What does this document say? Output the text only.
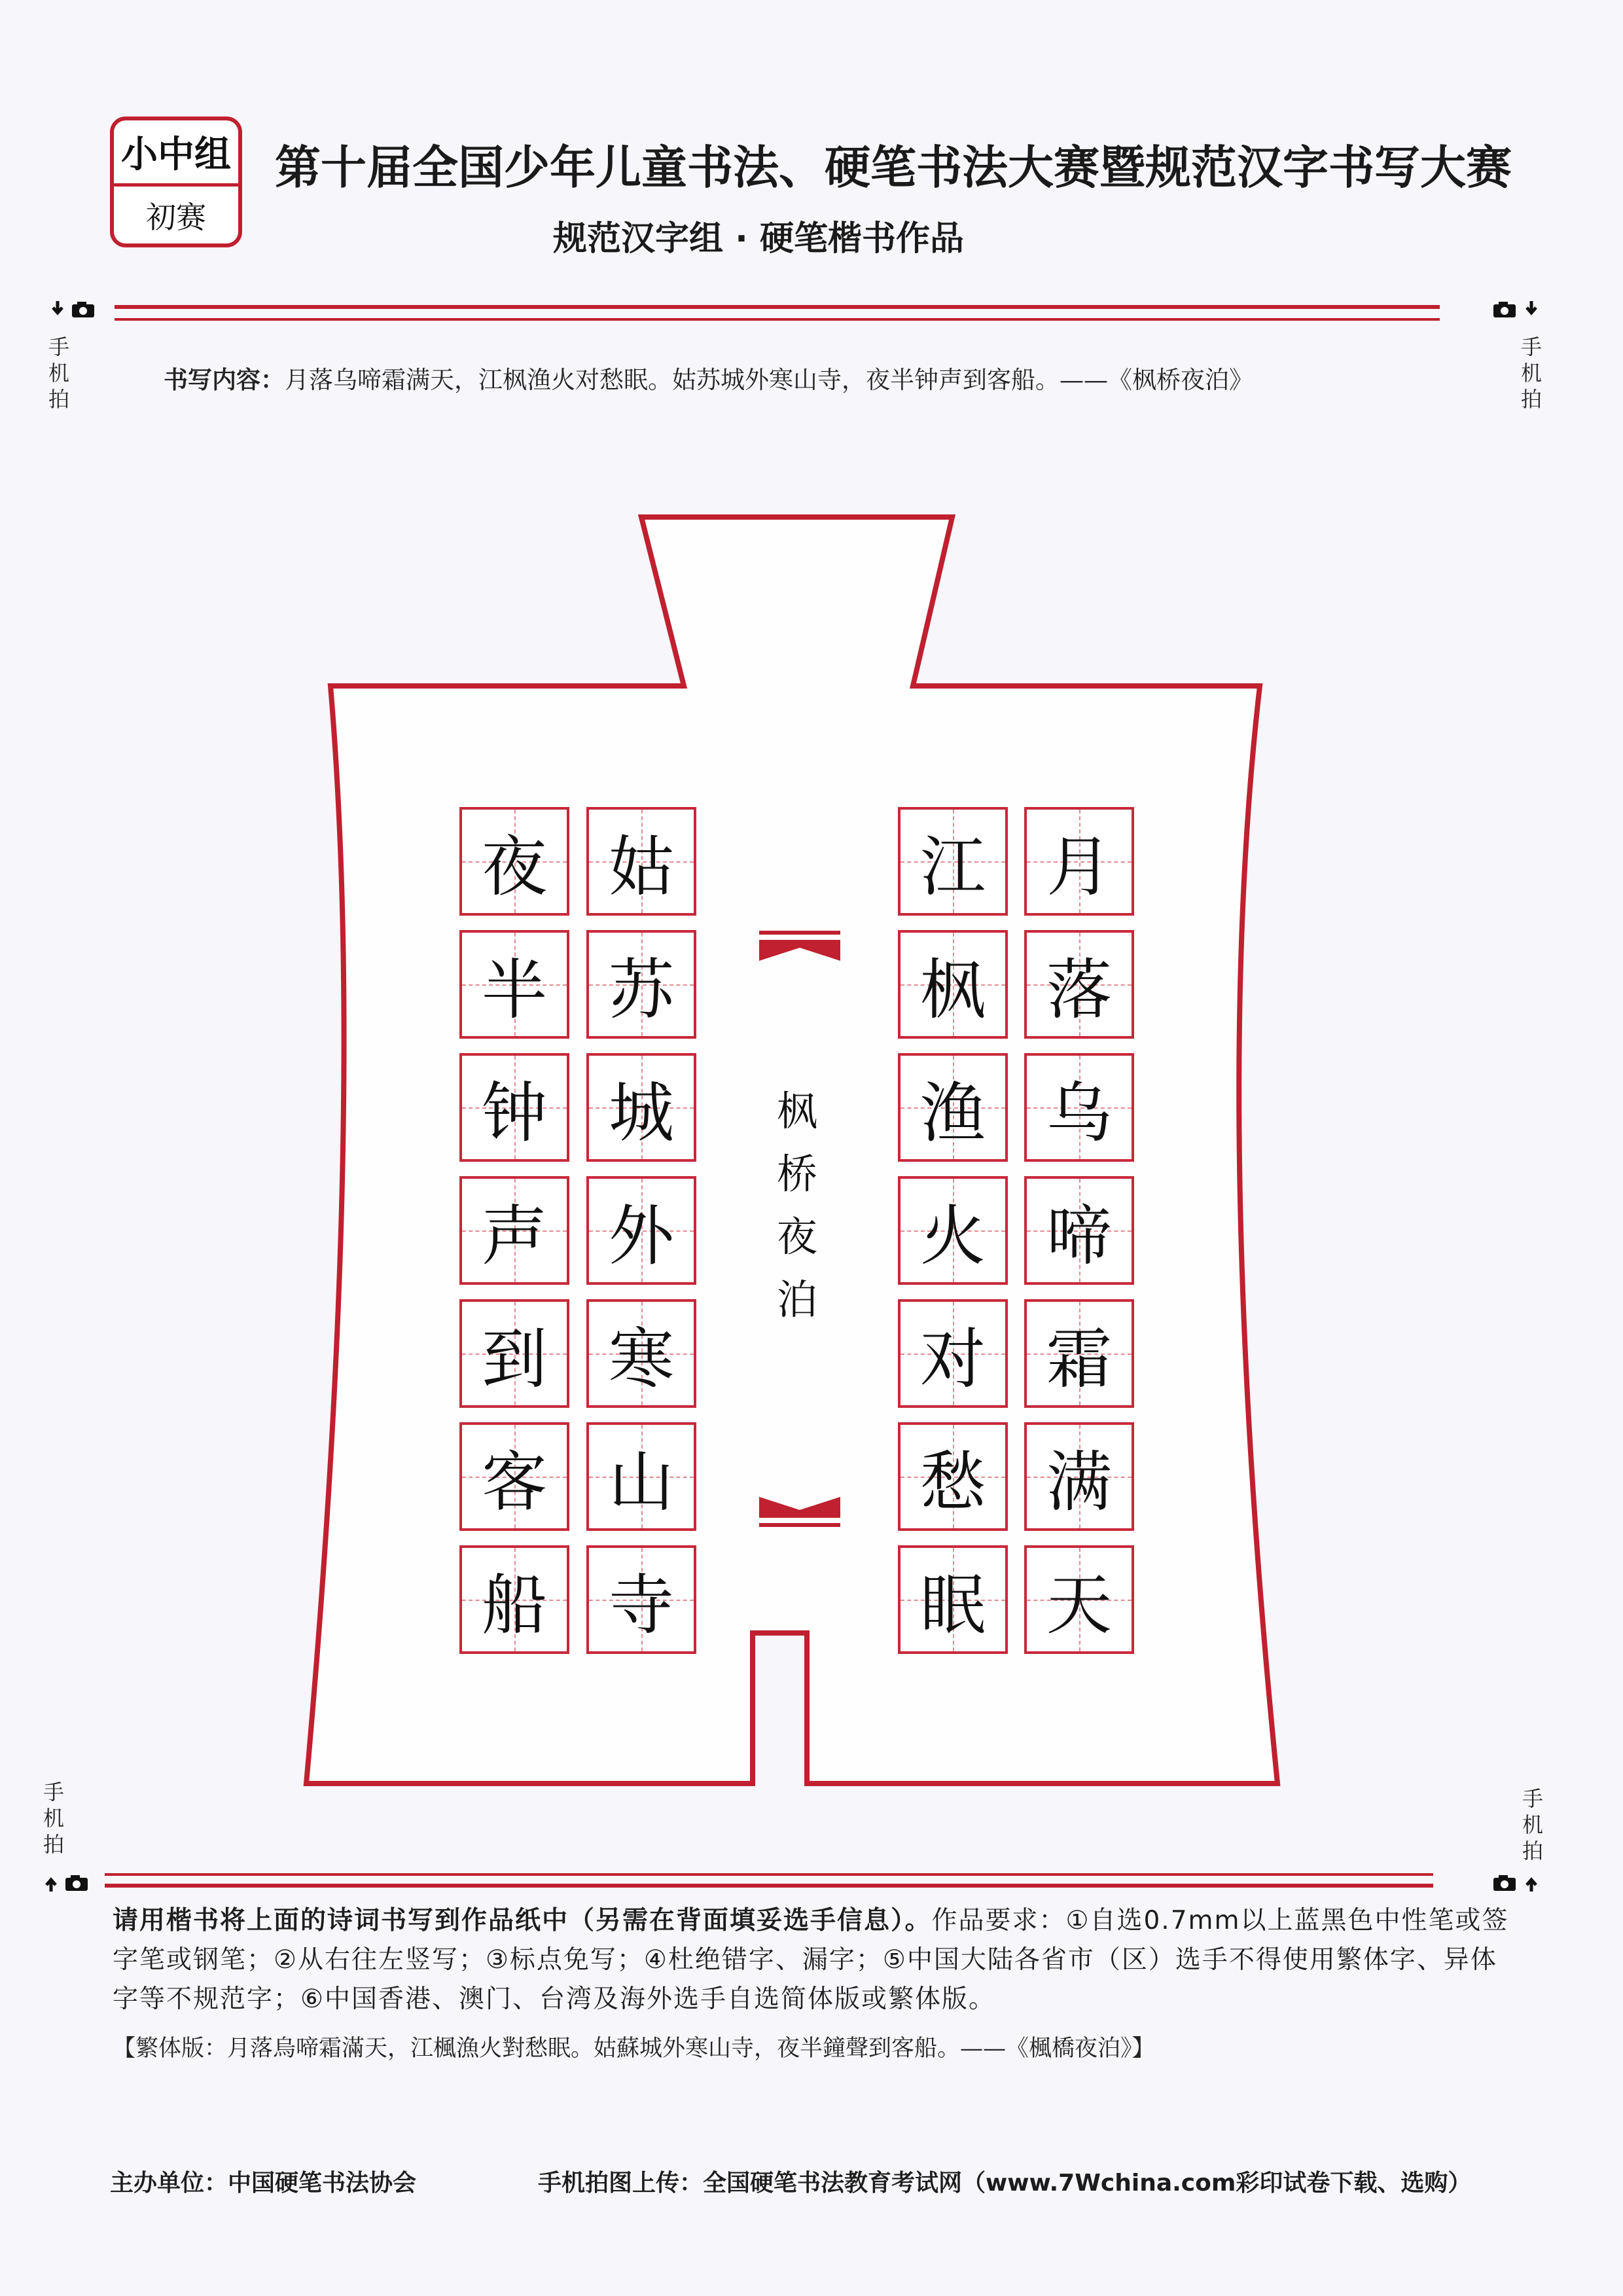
小中组
初赛
第十届全国少年儿童书法、硬笔书法大赛暨规范汉字书写大赛
规范汉字组 · 硬笔楷书作品
手机拍
手机拍
书写内容：月落乌啼霜满天，江枫渔火对愁眠。姑苏城外寒山寺，夜半钟声到客船。——《枫桥夜泊》
月
落
乌
啼
霜
满
天
江
枫
渔
火
对
愁
眠
姑
苏
城
外
寒
山
寺
夜
半
钟
声
到
客
船
枫
桥
夜
泊
手机拍
手机拍
请用楷书将上面的诗词书写到作品纸中（另需在背面填妥选手信息）。作品要求：①自选0.7mm以上蓝黑色中性笔或签字笔或钢笔；②从右往左竖写；③标点免写；④杜绝错字、漏字；⑤中国大陆各省市（区）选手不得使用繁体字、异体字等不规范字；⑥中国香港、澳门、台湾及海外选手自选简体版或繁体版。
【繁体版：月落烏啼霜滿天，江楓漁火對愁眠。姑蘇城外寒山寺，夜半鐘聲到客船。——《楓橋夜泊》】
主办单位：中国硬笔书法协会	手机拍图上传：全国硬笔书法教育考试网（www.7Wchina.com彩印试卷下载、选购）
